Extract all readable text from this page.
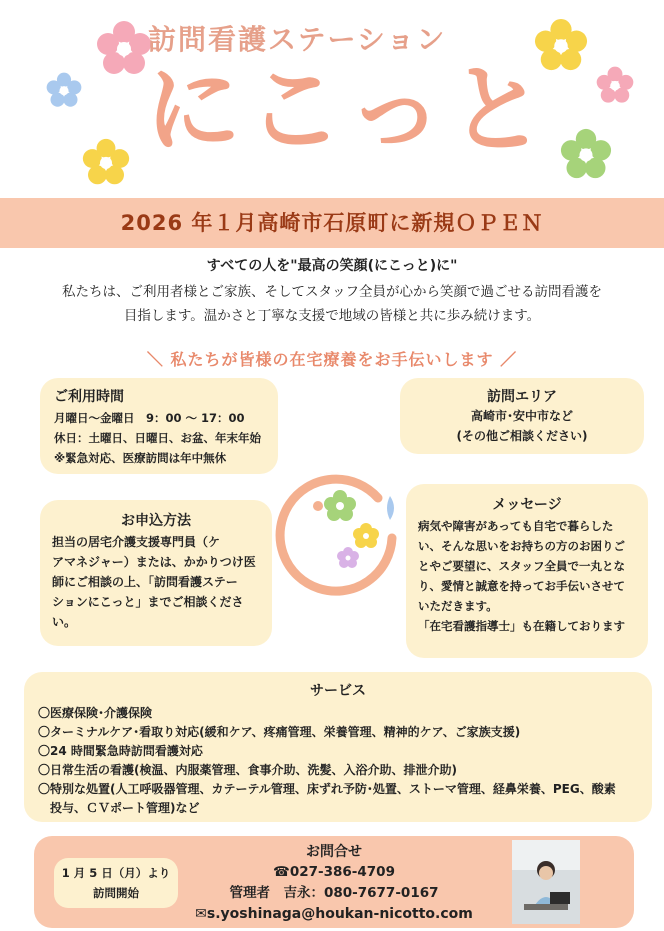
訪問看護ステーション
にこっと
2026 年１月高崎市石原町に新規ＯＰＥＮ
すべての人を"最高の笑顔(にこっと)に"
私たちは、ご利用者様とご家族、そしてスタッフ全員が心から笑顔で過ごせる訪問看護を
目指します。温かさと丁寧な支援で地域の皆様と共に歩み続けます。
＼ 私たちが皆様の在宅療養をお手伝いします ／
ご利用時間
月曜日～金曜日　9：00 ～ 17：00
休日：土曜日、日曜日、お盆、年末年始
※緊急対応、医療訪問は年中無休
訪問エリア
高崎市･安中市など
(その他ご相談ください)
お申込方法
担当の居宅介護支援専門員（ケ
アマネジャー）または、かかりつけ医
師にご相談の上、「訪問看護ステー
ションにこっと」までご相談ください。
メッセージ
病気や障害があっても自宅で暮らした
い、そんな思いをお持ちの方のお困りご
とやご要望に、スタッフ全員で一丸とな
り、愛情と誠意を持ってお手伝いさせて
いただきます。
「在宅看護指導士」も在籍しております
サービス
〇医療保険･介護保険
〇ターミナルケア･看取り対応(緩和ケア、疼痛管理、栄養管理、精神的ケア、ご家族支援)
〇24 時間緊急時訪問看護対応
〇日常生活の看護(検温、内服薬管理、食事介助、洗髪、入浴介助、排泄介助)
〇特別な処置(人工呼吸器管理、カテーテル管理、床ずれ予防･処置、ストーマ管理、経鼻栄養、PEG、酸素
　投与、ＣＶポート管理)など
1 月 5 日（月）より
訪問開始
お問合せ
☎027-386-4709
管理者　吉永：080-7677-0167
✉s.yoshinaga@houkan-nicotto.com
